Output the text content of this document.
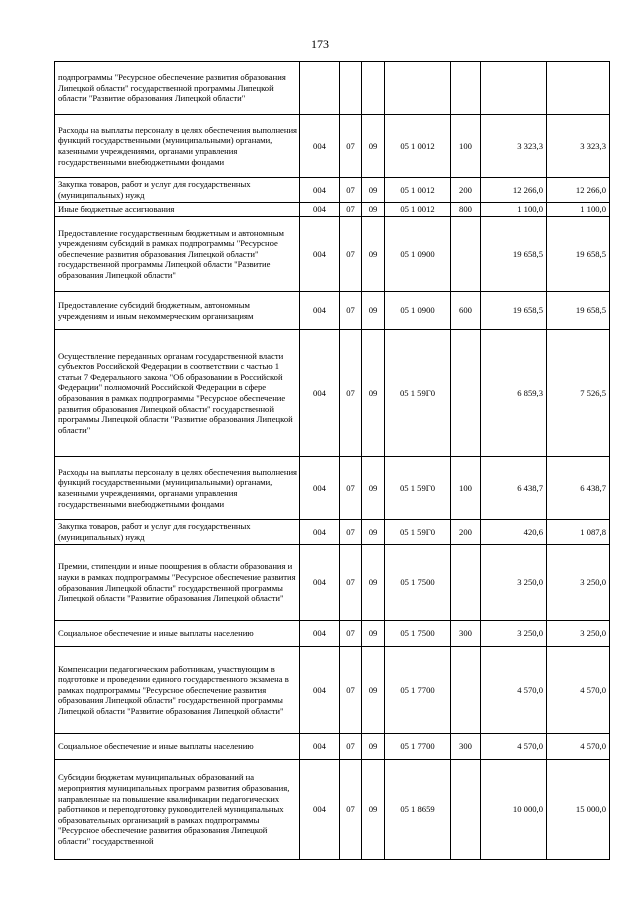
173
подпрограммы "Ресурсное обеспечение развития образования Липецкой области" государственной программы Липецкой области "Развитие образования Липецкой области"							
Расходы на выплаты персоналу в целях обеспечения выполнения функций государственными (муниципальными) органами, казенными учреждениями, органами управления государственными внебюджетными фондами	004	07	09	05 1 0012	100	3 323,3	3 323,3
Закупка товаров, работ и услуг для государственных (муниципальных) нужд	004	07	09	05 1 0012	200	12 266,0	12 266,0
Иные бюджетные ассигнования	004	07	09	05 1 0012	800	1 100,0	1 100,0
Предоставление государственным бюджетным и автономным учреждениям субсидий в рамках подпрограммы "Ресурсное обеспечение развития образования Липецкой области" государственной программы Липецкой области "Развитие образования Липецкой области"	004	07	09	05 1 0900		19 658,5	19 658,5
Предоставление субсидий бюджетным, автономным учреждениям и иным некоммерческим организациям	004	07	09	05 1 0900	600	19 658,5	19 658,5
Осуществление переданных органам государственной власти субъектов Российской Федерации в соответствии с частью 1 статьи 7 Федерального закона "Об образовании в Российской Федерации" полномочий Российской Федерации в сфере образования в рамках подпрограммы "Ресурсное обеспечение развития образования Липецкой области" государственной программы Липецкой области "Развитие образования Липецкой области"	004	07	09	05 1 59Г0		6 859,3	7 526,5
Расходы на выплаты персоналу в целях обеспечения выполнения функций государственными (муниципальными) органами, казенными учреждениями, органами управления государственными внебюджетными фондами	004	07	09	05 1 59Г0	100	6 438,7	6 438,7
Закупка товаров, работ и услуг для государственных (муниципальных) нужд	004	07	09	05 1 59Г0	200	420,6	1 087,8
Премии, стипендии и иные поощрения в области образования и науки в рамках подпрограммы "Ресурсное обеспечение развития образования Липецкой области" государственной программы Липецкой области "Развитие образования Липецкой области"	004	07	09	05 1 7500		3 250,0	3 250,0
Социальное обеспечение и иные выплаты населению	004	07	09	05 1 7500	300	3 250,0	3 250,0
Компенсации педагогическим работникам, участвующим в подготовке и проведении единого государственного экзамена в рамках подпрограммы "Ресурсное обеспечение развития образования Липецкой области" государственной программы Липецкой области "Развитие образования Липецкой области"	004	07	09	05 1 7700		4 570,0	4 570,0
Социальное обеспечение и иные выплаты населению	004	07	09	05 1 7700	300	4 570,0	4 570,0
Субсидии бюджетам муниципальных образований на мероприятия муниципальных программ развития образования, направленные на повышение квалификации педагогических работников и переподготовку руководителей муниципальных образовательных организаций в рамках подпрограммы "Ресурсное обеспечение развития образования Липецкой области" государственной	004	07	09	05 1 8659		10 000,0	15 000,0
